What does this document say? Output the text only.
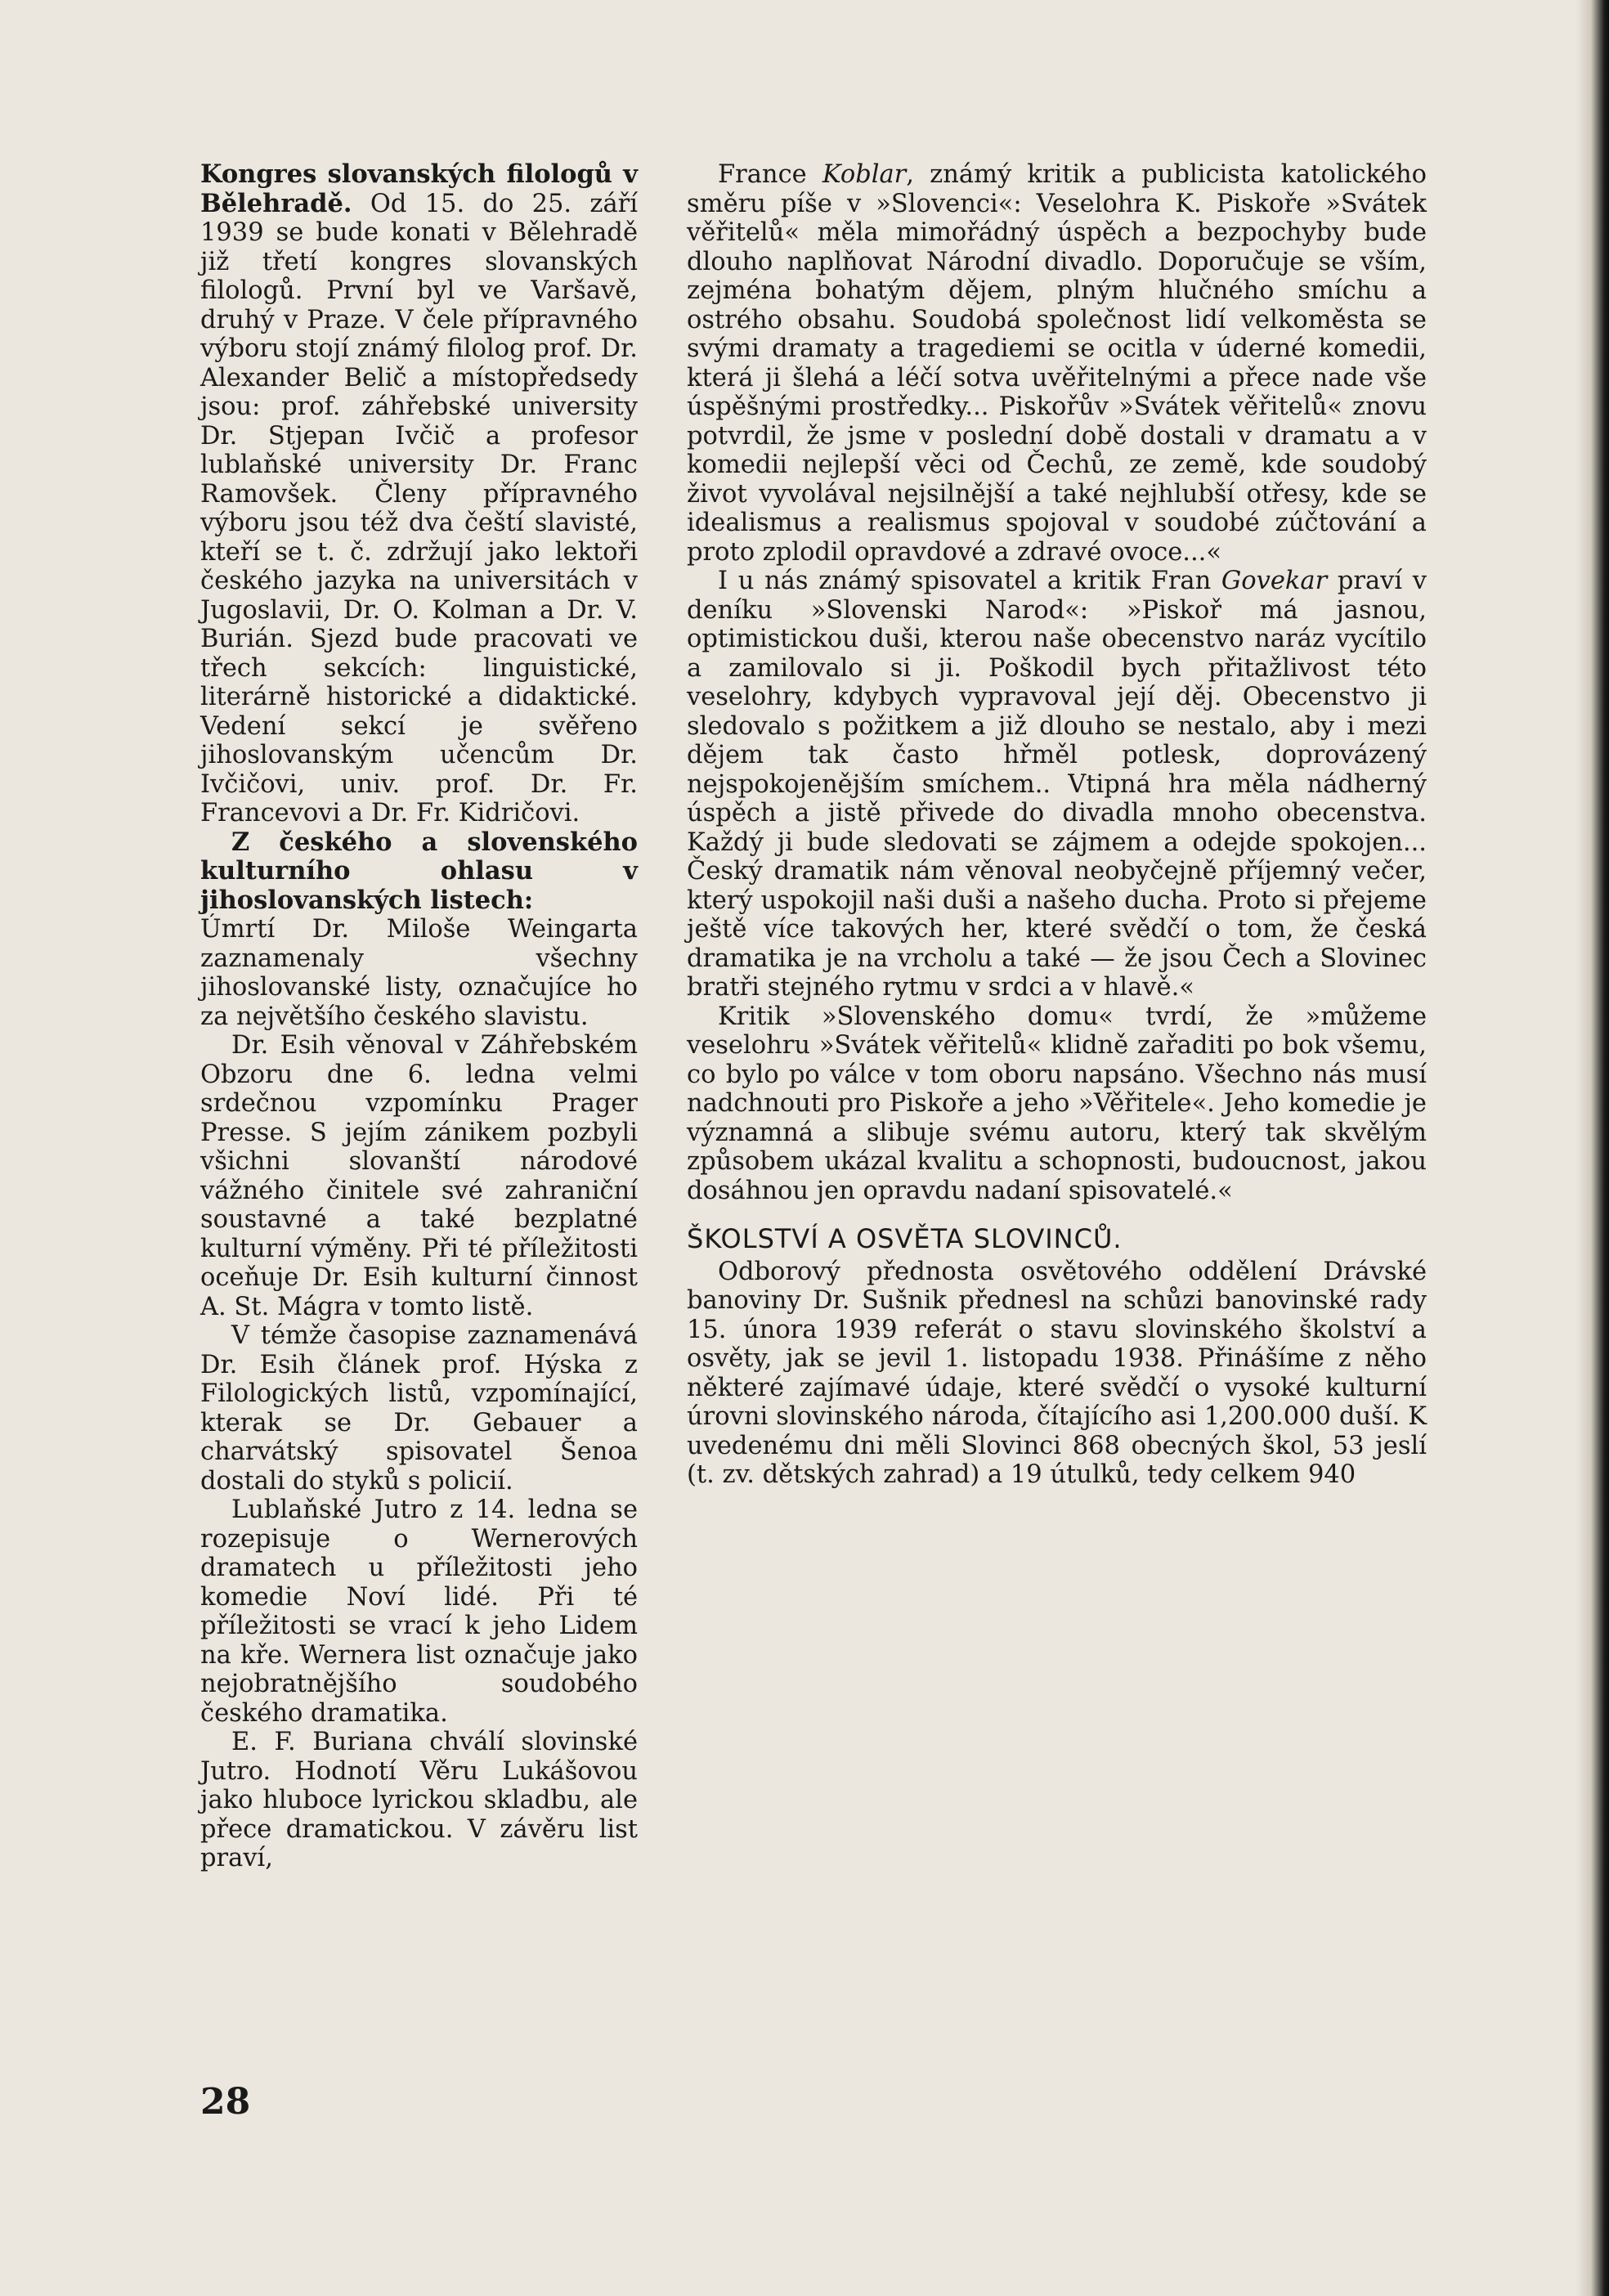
Kongres slovanských filologů v Bělehradě. Od 15. do 25. září 1939 se bude konati v Bělehradě již třetí kongres slovanských filologů. První byl ve Varšavě, druhý v Praze. V čele přípravného výboru stojí známý filolog prof. Dr. Alexander Belič a místopředsedy jsou: prof. záhřebské university Dr. Stjepan Ivčič a profesor lublaňské university Dr. Franc Ramovšek. Členy přípravného výboru jsou též dva čeští slavisté, kteří se t. č. zdržují jako lektoři českého jazyka na universitách v Jugoslavii, Dr. O. Kolman a Dr. V. Burián. Sjezd bude pracovati ve třech sekcích: linguistické, literárně historické a didaktické. Vedení sekcí je svěřeno jihoslovanským učencům Dr. Ivčičovi, univ. prof. Dr. Fr. Francevovi a Dr. Fr. Kidričovi.

Z českého a slovenského kulturního ohlasu v jihoslovanských listech:

Úmrtí Dr. Miloše Weingarta zaznamenaly všechny jihoslovanské listy, označujíce ho za největšího českého slavistu.

Dr. Esih věnoval v Záhřebském Obzoru dne 6. ledna velmi srdečnou vzpomínku Prager Presse. S jejím zánikem pozbyli všichni slovanští národové vážného činitele své zahraniční soustavné a také bezplatné kulturní výměny. Při té příležitosti oceňuje Dr. Esih kulturní činnost A. St. Mágra v tomto listě.

V témže časopise zaznamenává Dr. Esih článek prof. Hýska z Filologických listů, vzpomínající, kterak se Dr. Gebauer a charvátský spisovatel Šenoa dostali do styků s policií.

Lublaňské Jutro z 14. ledna se rozepisuje o Wernerových dramatech u příležitosti jeho komedie Noví lidé. Při té příležitosti se vrací k jeho Lidem na kře. Wernera list označuje jako nejobratnějšího soudobého českého dramatika.

E. F. Buriana chválí slovinské Jutro. Hodnotí Věru Lukášovou jako hluboce lyrickou skladbu, ale přece dramatickou. V závěru list praví,

France Koblar, známý kritik a publicista katolického směru píše v »Slovenci«: Veselohra K. Piskoře »Svátek věřitelů« měla mimořádný úspěch a bezpochyby bude dlouho naplňovat Národní divadlo. Doporučuje se vším, zejména bohatým dějem, plným hlučného smíchu a ostrého obsahu. Soudobá společnost lidí velkoměsta se svými dramaty a tragediemi se ocitla v úderné komedii, která ji šlehá a léčí sotva uvěřitelnými a přece nade vše úspěšnými prostředky... Piskořův »Svátek věřitelů« znovu potvrdil, že jsme v poslední době dostali v dramatu a v komedii nejlepší věci od Čechů, ze země, kde soudobý život vyvolával nejsilnější a také nejhlubší otřesy, kde se idealismus a realismus spojoval v soudobé zúčtování a proto zplodil opravdové a zdravé ovoce...«

I u nás známý spisovatel a kritik Fran Govekar praví v deníku »Slovenski Narod«: »Piskoř má jasnou, optimistickou duši, kterou naše obecenstvo naráz vycítilo a zamilovalo si ji. Poškodil bych přitažlivost této veselohry, kdybych vypravoval její děj. Obecenstvo ji sledovalo s požitkem a již dlouho se nestalo, aby i mezi dějem tak často hřměl potlesk, doprovázený nejspokojenějším smíchem.. Vtipná hra měla nádherný úspěch a jistě přivede do divadla mnoho obecenstva. Každý ji bude sledovati se zájmem a odejde spokojen... Český dramatik nám věnoval neobyčejně příjemný večer, který uspokojil naši duši a našeho ducha. Proto si přejeme ještě více takových her, které svědčí o tom, že česká dramatika je na vrcholu a také — že jsou Čech a Slovinec bratři stejného rytmu v srdci a v hlavě.«

Kritik »Slovenského domu« tvrdí, že »můžeme veselohru »Svátek věřitelů« klidně zařaditi po bok všemu, co bylo po válce v tom oboru napsáno. Všechno nás musí nadchnouti pro Piskoře a jeho »Věřitele«. Jeho komedie je významná a slibuje svému autoru, který tak skvělým způsobem ukázal kvalitu a schopnosti, budoucnost, jakou dosáhnou jen opravdu nadaní spisovatelé.«

ŠKOLSTVÍ A OSVĚTA SLOVINCŮ.

Odborový přednosta osvětového oddělení Drávské banoviny Dr. Sušnik přednesl na schůzi banovinské rady 15. února 1939 referát o stavu slovinského školství a osvěty, jak se jevil 1. listopadu 1938. Přinášíme z něho některé zajímavé údaje, které svědčí o vysoké kulturní úrovni slovinského národa, čítajícího asi 1,200.000 duší. K uvedenému dni měli Slovinci 868 obecných škol, 53 jeslí (t. zv. dětských zahrad) a 19 útulků, tedy celkem 940

28
